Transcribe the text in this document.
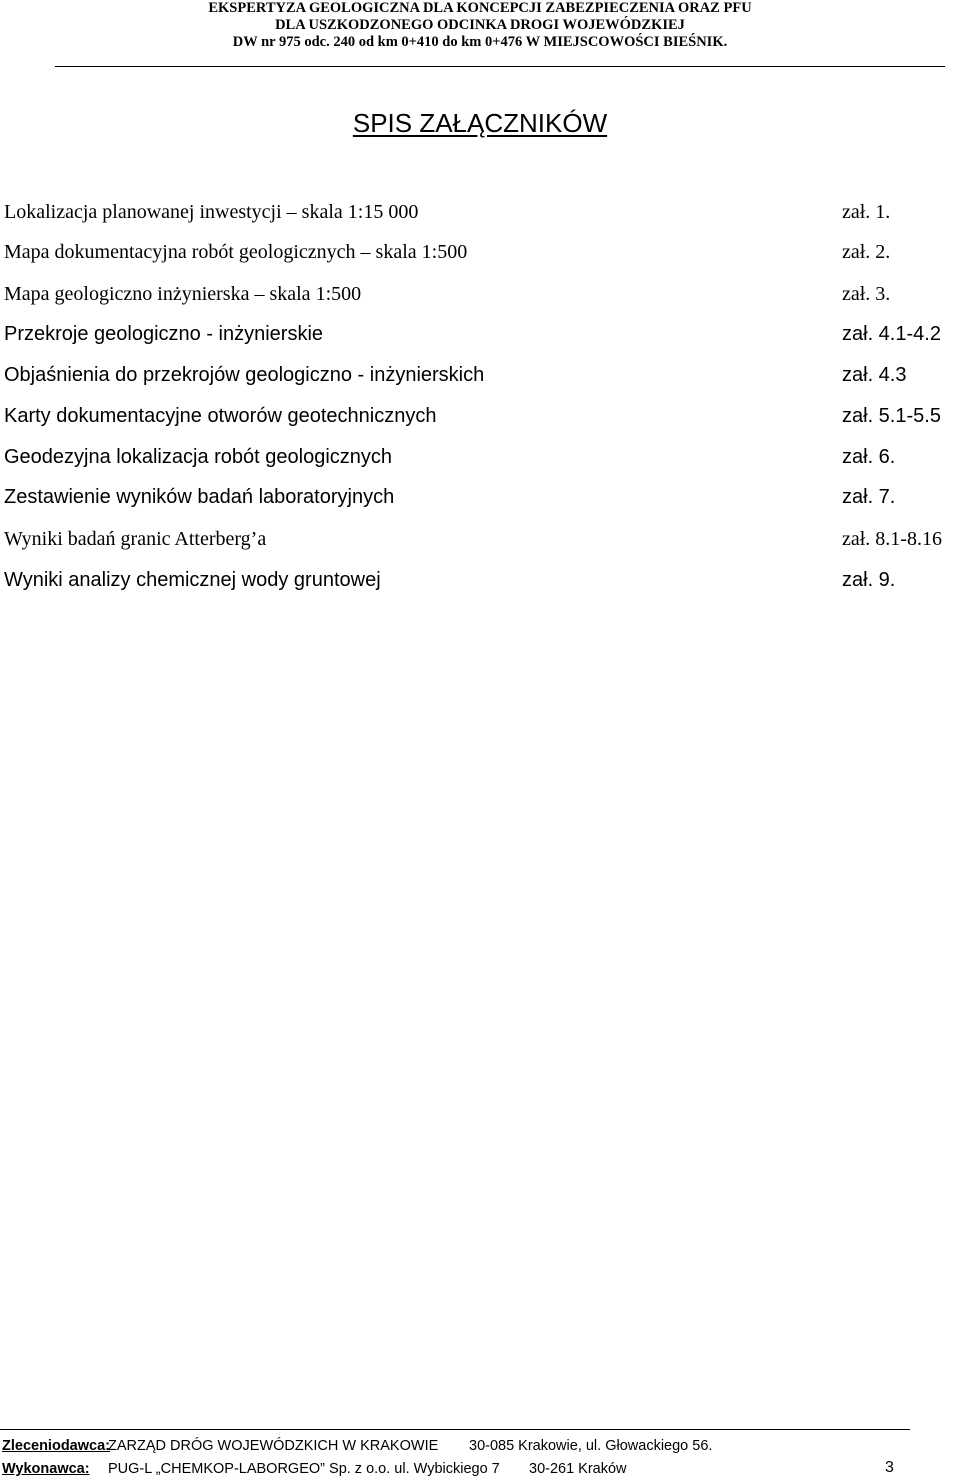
EKSPERTYZA GEOLOGICZNA DLA KONCEPCJI ZABEZPIECZENIA ORAZ PFU
DLA USZKODZONEGO ODCINKA DROGI WOJEWÓDZKIEJ
DW nr 975 odc. 240 od km 0+410 do km 0+476 W MIEJSCOWOŚCI BIEŚNIK.
SPIS ZAŁĄCZNIKÓW
Lokalizacja planowanej inwestycji – skala 1:15 000	zał. 1.
Mapa dokumentacyjna robót geologicznych – skala 1:500	zał. 2.
Mapa geologiczno inżynierska – skala 1:500	zał. 3.
Przekroje geologiczno - inżynierskie	zał. 4.1-4.2
Objaśnienia do przekrojów geologiczno - inżynierskich	zał. 4.3
Karty dokumentacyjne otworów geotechnicznych	zał. 5.1-5.5
Geodezyjna lokalizacja robót geologicznych	zał. 6.
Zestawienie wyników badań laboratoryjnych	zał. 7.
Wyniki badań granic Atterberg’a	zał. 8.1-8.16
Wyniki analizy chemicznej wody gruntowej	zał. 9.
Zleceniodawca:
ZARZĄD DRÓG WOJEWÓDZKICH W KRAKOWIE 30-085 Krakowie, ul. Głowackiego 56.
Wykonawca: PUG-L „CHEMKOP-LABORGEO” Sp. z o.o. ul. Wybickiego 7 30-261 Kraków	3
